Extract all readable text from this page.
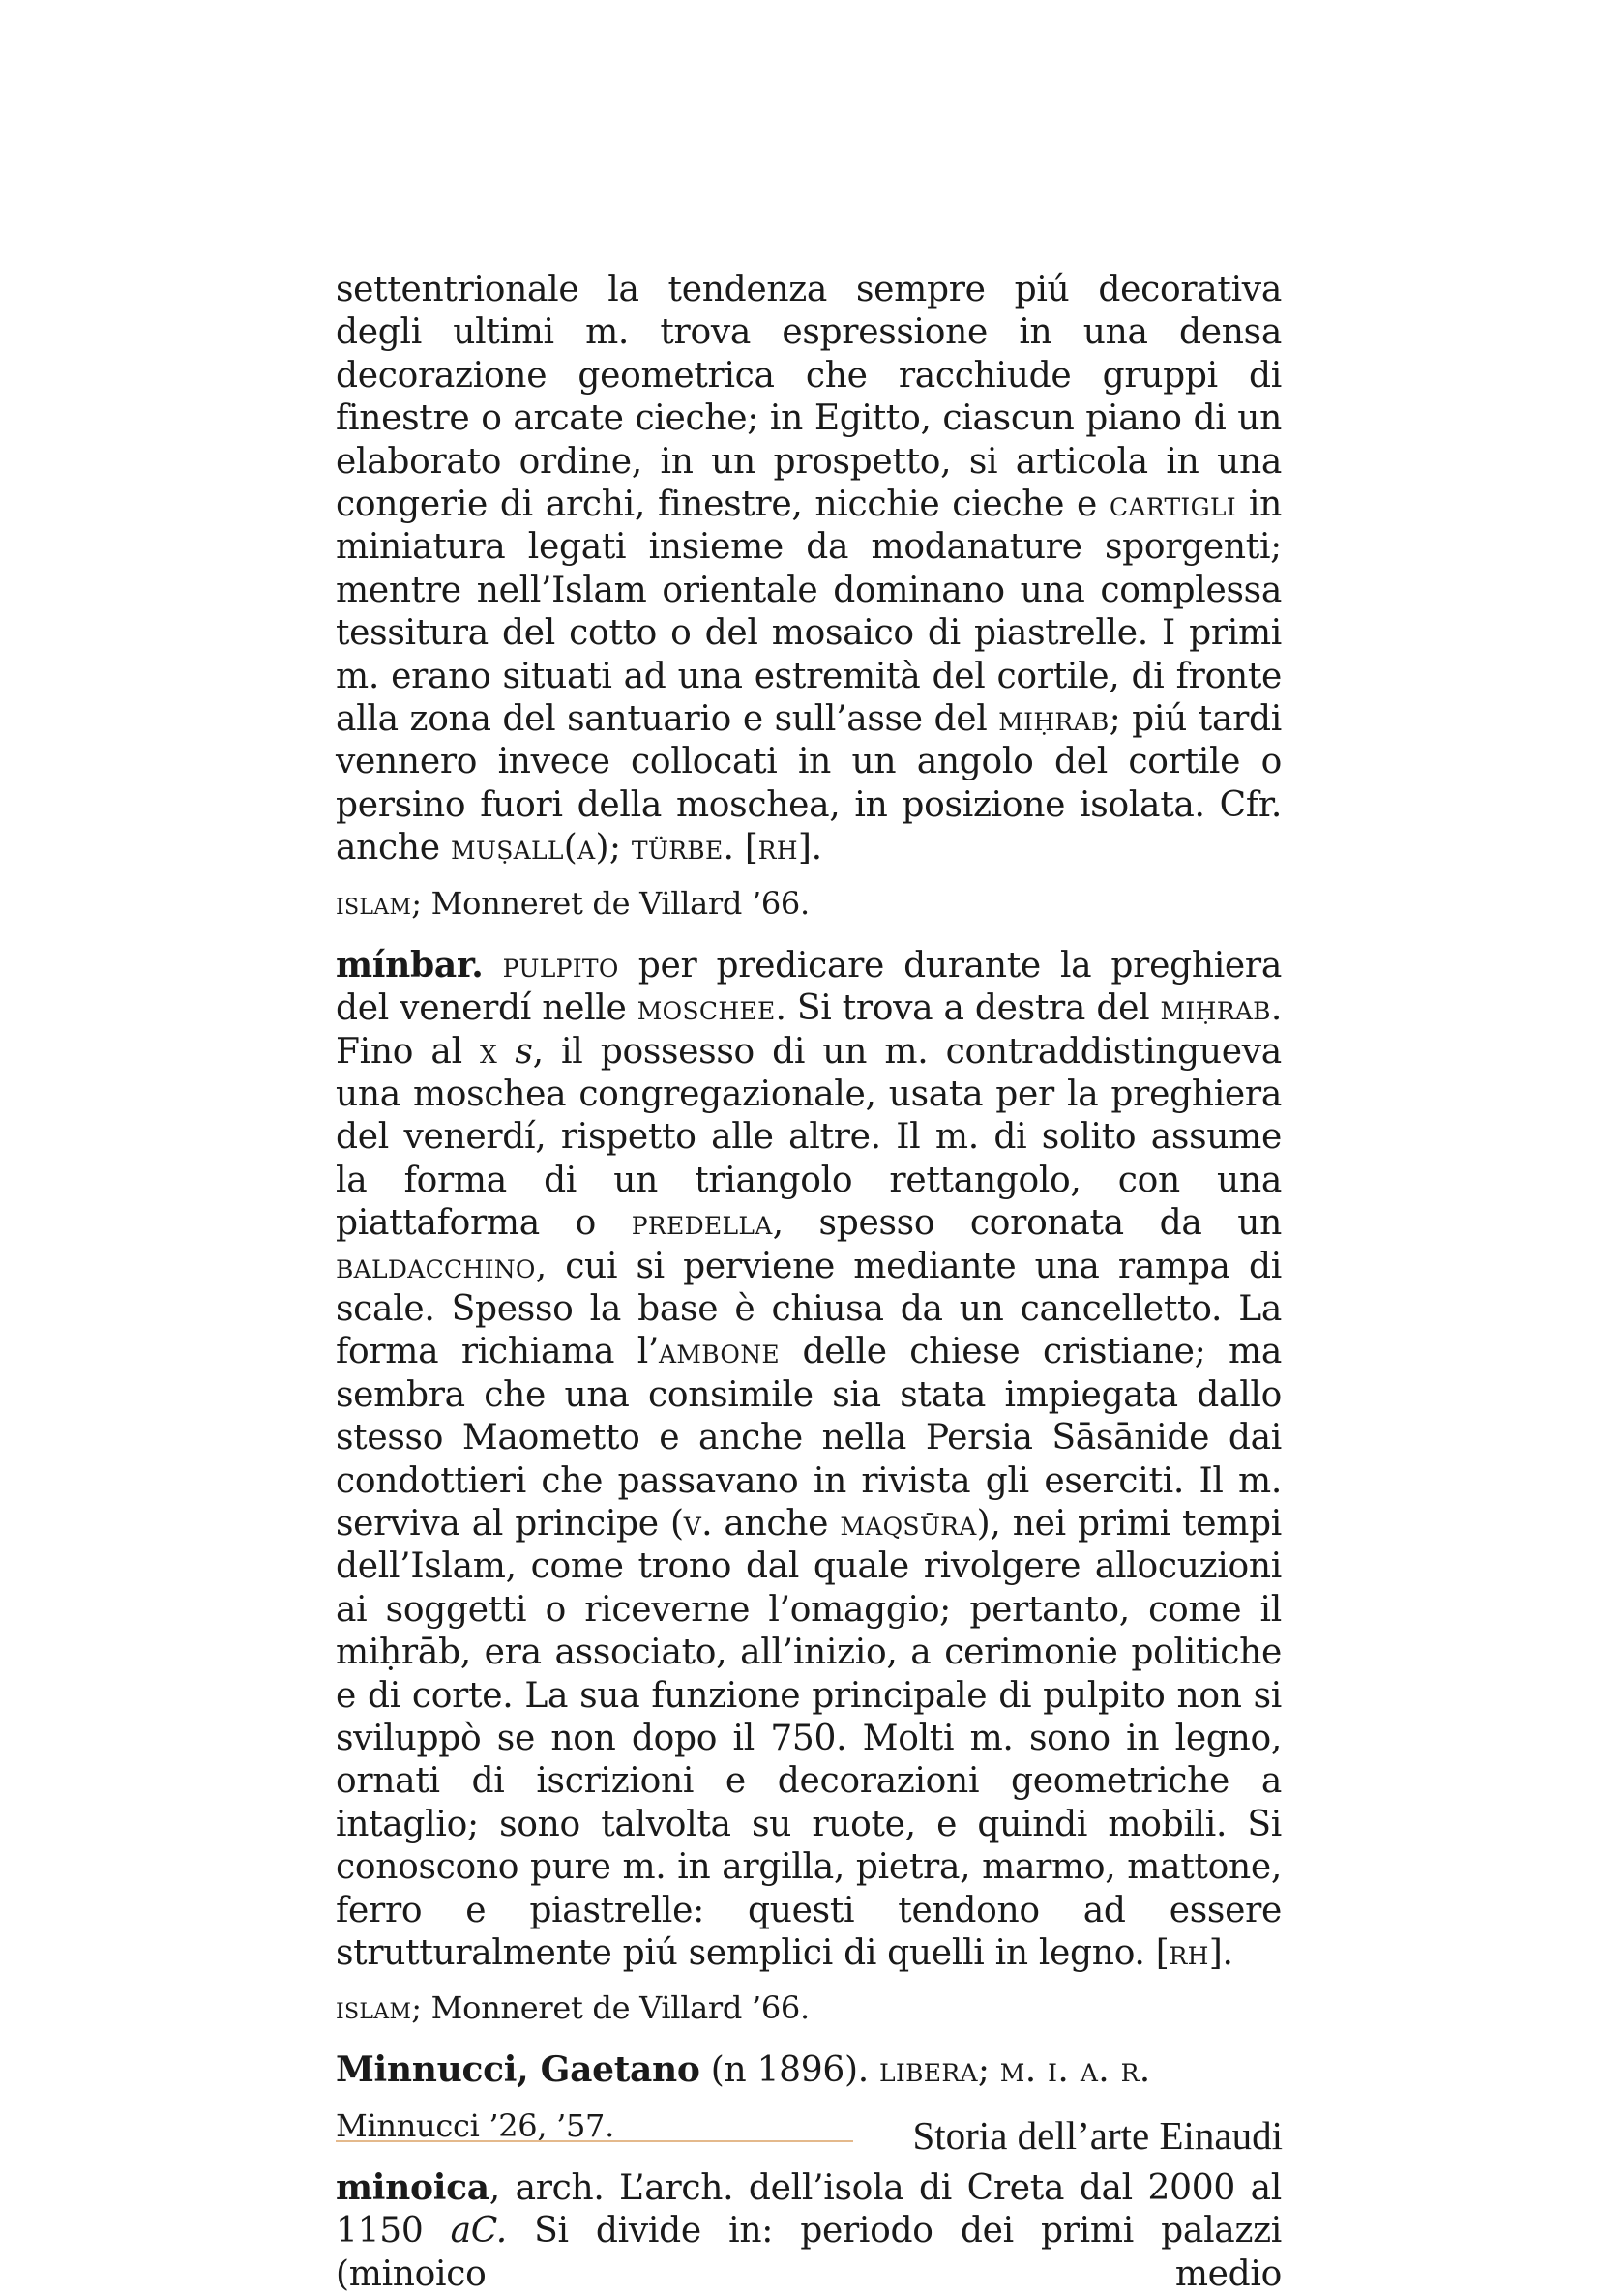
settentrionale la tendenza sempre piú decorativa degli ultimi m. trova espressione in una densa decorazione geometrica che racchiude gruppi di finestre o arcate cieche; in Egitto, ciascun piano di un elaborato ordine, in un prospetto, si articola in una congerie di archi, finestre, nicchie cieche e cartigli in miniatura legati insieme da modanature sporgenti; mentre nell’Islam orientale dominano una complessa tessitura del cotto o del mosaico di piastrelle. I primi m. erano situati ad una estremità del cortile, di fronte alla zona del santuario e sull’asse del miḥrab; piú tardi vennero invece collocati in un angolo del cortile o persino fuori della moschea, in posizione isolata. Cfr. anche muṣall(a); türbe. [rh].

islam; Monneret de Villard ’66.

mínbar. pulpito per predicare durante la preghiera del venerdí nelle moschee. Si trova a destra del miḥrab. Fino al x s, il possesso di un m. contraddistingueva una moschea congregazionale, usata per la preghiera del venerdí, rispetto alle altre. Il m. di solito assume la forma di un triangolo rettangolo, con una piattaforma o predella, spesso coronata da un baldacchino, cui si perviene mediante una rampa di scale. Spesso la base è chiusa da un cancelletto. La forma richiama l’ambone delle chiese cristiane; ma sembra che una consimile sia stata impiegata dallo stesso Maometto e anche nella Persia Sāsānide dai condottieri che passavano in rivista gli eserciti. Il m. serviva al principe (v. anche maqsūra), nei primi tempi dell’Islam, come trono dal quale rivolgere allocuzioni ai soggetti o riceverne l’omaggio; pertanto, come il miḥrāb, era associato, all’inizio, a cerimonie politiche e di corte. La sua funzione principale di pulpito non si sviluppò se non dopo il 750. Molti m. sono in legno, ornati di iscrizioni e decorazioni geometriche a intaglio; sono talvolta su ruote, e quindi mobili. Si conoscono pure m. in argilla, pietra, marmo, mattone, ferro e piastrelle: questi tendono ad essere strutturalmente piú semplici di quelli in legno. [rh].

islam; Monneret de Villard ’66.

Minnucci, Gaetano (n 1896). libera; m. i. a. r.

Minnucci ’26, ’57.

minoica, arch. L’arch. dell’isola di Creta dal 2000 al 1150 aC. Si divide in: periodo dei primi palazzi (minoico medio

Storia dell’arte Einaudi
